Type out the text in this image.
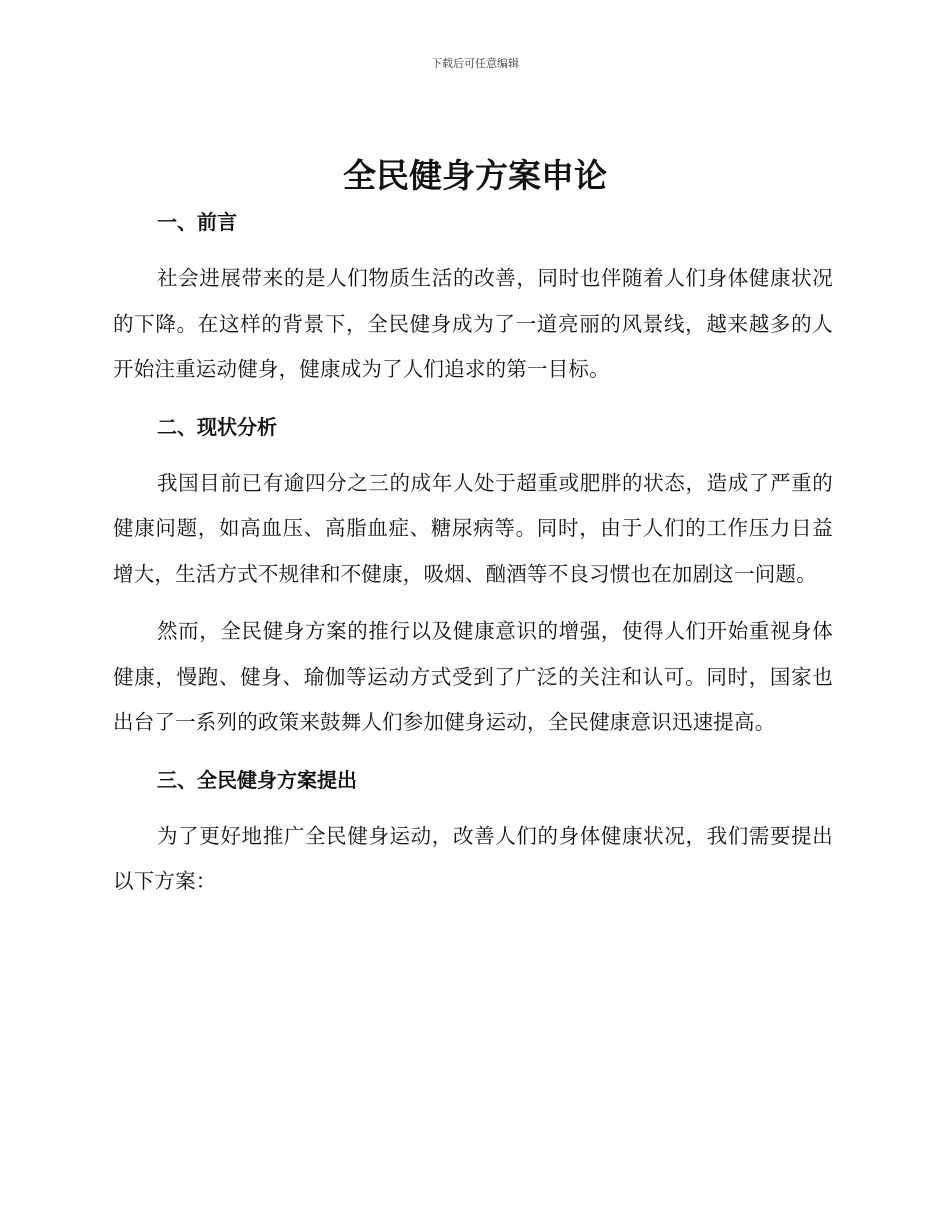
下载后可任意编辑
全民健身方案申论
一、前言

社会进展带来的是人们物质生活的改善，同时也伴随着人们身体健康状况的下降。在这样的背景下，全民健身成为了一道亮丽的风景线，越来越多的人开始注重运动健身，健康成为了人们追求的第一目标。

二、现状分析

我国目前已有逾四分之三的成年人处于超重或肥胖的状态，造成了严重的健康问题，如高血压、高脂血症、糖尿病等。同时，由于人们的工作压力日益增大，生活方式不规律和不健康，吸烟、酗酒等不良习惯也在加剧这一问题。

然而，全民健身方案的推行以及健康意识的增强，使得人们开始重视身体健康，慢跑、健身、瑜伽等运动方式受到了广泛的关注和认可。同时，国家也出台了一系列的政策来鼓舞人们参加健身运动，全民健康意识迅速提高。

三、全民健身方案提出

为了更好地推广全民健身运动，改善人们的身体健康状况，我们需要提出以下方案：
